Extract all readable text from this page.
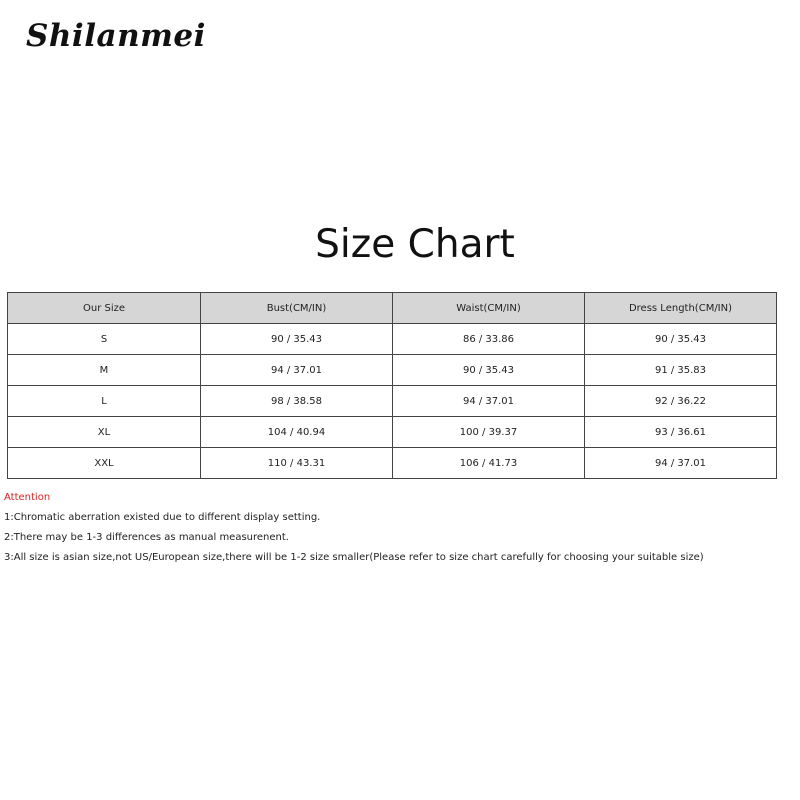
Shilanmei
Size Chart
Our Size	Bust(CM/IN)	Waist(CM/IN)	Dress Length(CM/IN)
S	90 / 35.43	86 / 33.86	90 / 35.43
M	94 / 37.01	90 / 35.43	91 / 35.83
L	98 / 38.58	94 / 37.01	92 / 36.22
XL	104 / 40.94	100 / 39.37	93 / 36.61
XXL	110 / 43.31	106 / 41.73	94 / 37.01
Attention
1:Chromatic aberration existed due to different display setting.
2:There may be 1-3 differences as manual measurenent.
3:All size is asian size,not US/European size,there will be 1-2 size smaller(Please refer to size chart carefully for choosing your suitable size)
